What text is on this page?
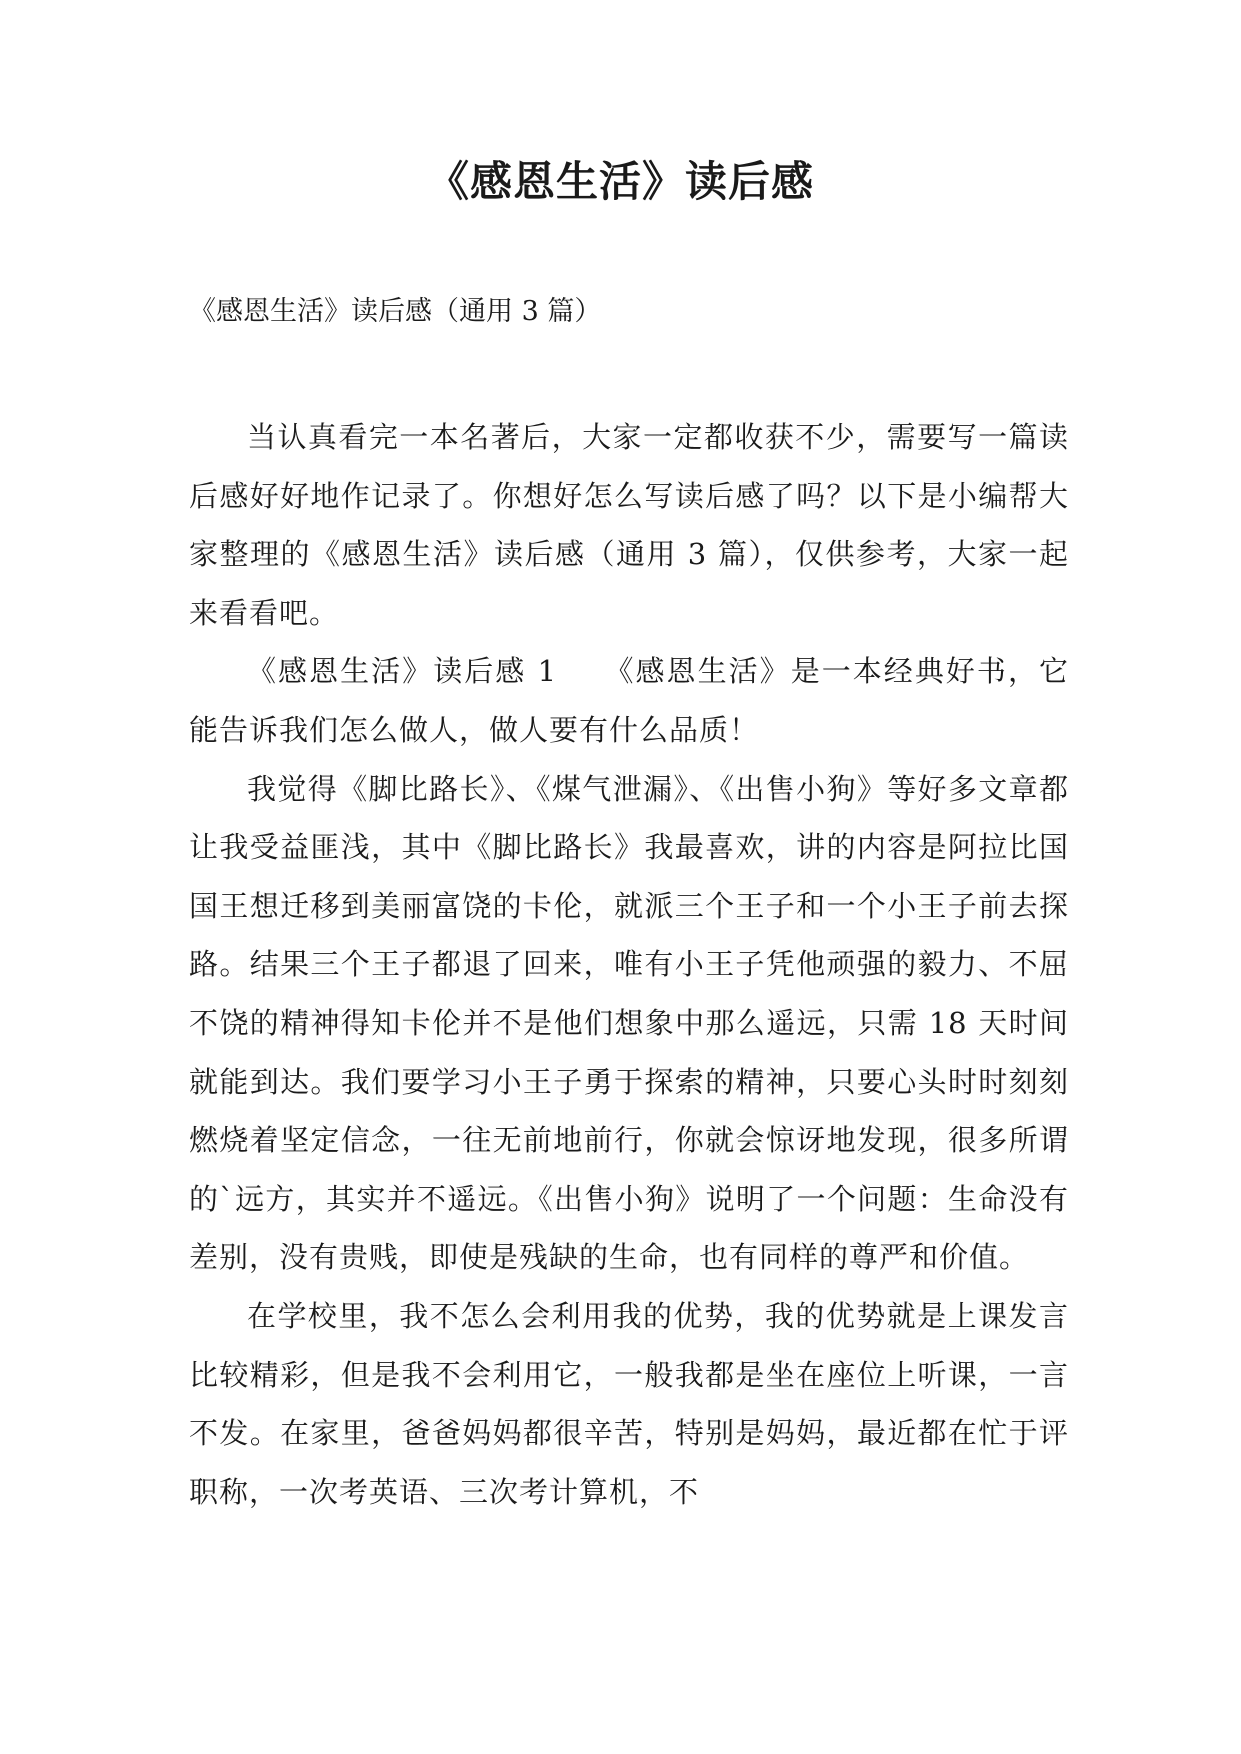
《感恩生活》读后感

《感恩生活》读后感（通用 3 篇）

当认真看完一本名著后，大家一定都收获不少，需要写一篇读后感好好地作记录了。你想好怎么写读后感了吗？以下是小编帮大家整理的《感恩生活》读后感（通用 3 篇），仅供参考，大家一起来看看吧。

《感恩生活》读后感 1 《感恩生活》是一本经典好书，它能告诉我们怎么做人，做人要有什么品质！

我觉得《脚比路长》、《煤气泄漏》、《出售小狗》等好多文章都让我受益匪浅，其中《脚比路长》我最喜欢，讲的内容是阿拉比国国王想迁移到美丽富饶的卡伦，就派三个王子和一个小王子前去探路。结果三个王子都退了回来，唯有小王子凭他顽强的毅力、不屈不饶的精神得知卡伦并不是他们想象中那么遥远，只需 18 天时间就能到达。我们要学习小王子勇于探索的精神，只要心头时时刻刻燃烧着坚定信念，一往无前地前行，你就会惊讶地发现，很多所谓的`远方，其实并不遥远。《出售小狗》说明了一个问题：生命没有差别，没有贵贱，即使是残缺的生命，也有同样的尊严和价值。

在学校里，我不怎么会利用我的优势，我的优势就是上课发言比较精彩，但是我不会利用它，一般我都是坐在座位上听课，一言不发。在家里，爸爸妈妈都很辛苦，特别是妈妈，最近都在忙于评职称，一次考英语、三次考计算机，不
